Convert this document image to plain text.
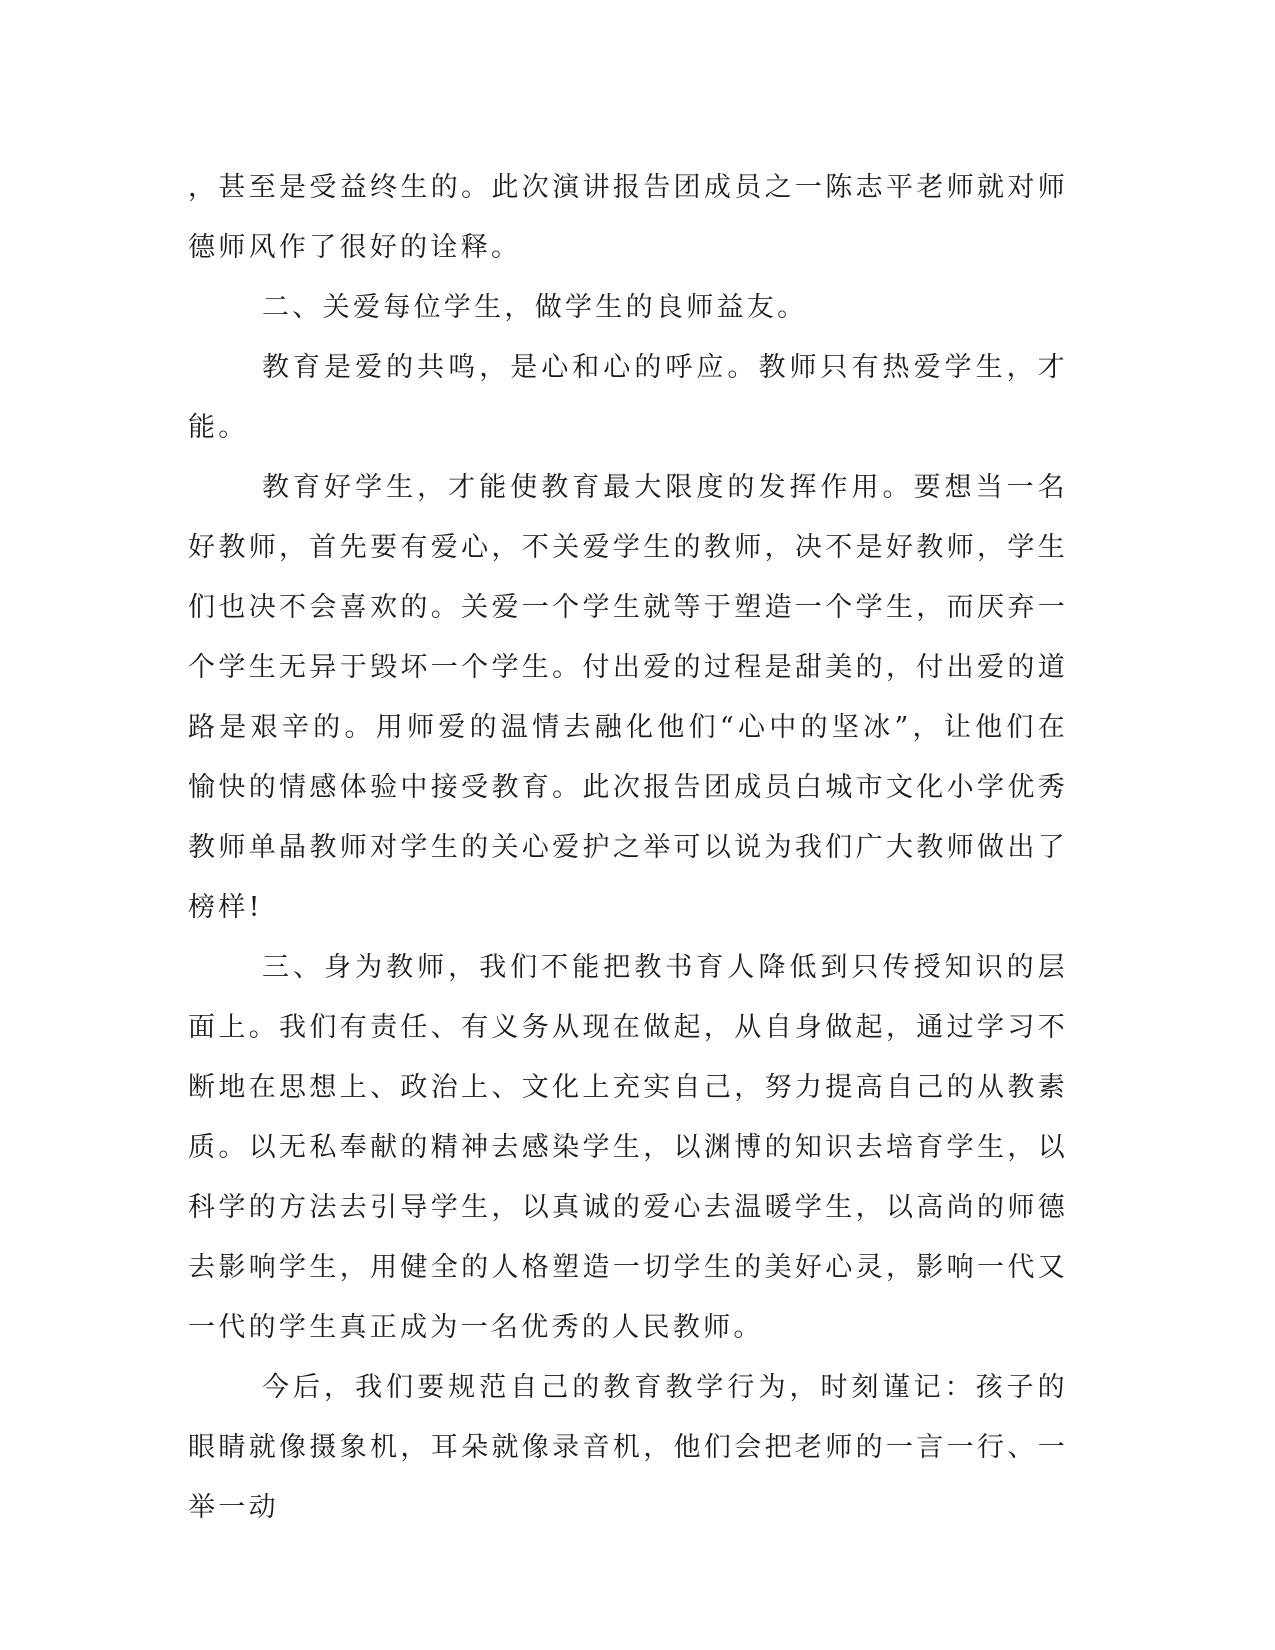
，甚至是受益终生的。此次演讲报告团成员之一陈志平老师就对师德师风作了很好的诠释。

二、关爱每位学生，做学生的良师益友。

教育是爱的共鸣，是心和心的呼应。教师只有热爱学生，才能。

教育好学生，才能使教育最大限度的发挥作用。要想当一名好教师，首先要有爱心，不关爱学生的教师，决不是好教师，学生们也决不会喜欢的。关爱一个学生就等于塑造一个学生，而厌弃一个学生无异于毁坏一个学生。付出爱的过程是甜美的，付出爱的道路是艰辛的。用师爱的温情去融化他们“心中的坚冰”，让他们在愉快的情感体验中接受教育。此次报告团成员白城市文化小学优秀教师单晶教师对学生的关心爱护之举可以说为我们广大教师做出了榜样!

三、身为教师，我们不能把教书育人降低到只传授知识的层面上。我们有责任、有义务从现在做起，从自身做起，通过学习不断地在思想上、政治上、文化上充实自己，努力提高自己的从教素质。以无私奉献的精神去感染学生，以渊博的知识去培育学生，以科学的方法去引导学生，以真诚的爱心去温暖学生，以高尚的师德去影响学生，用健全的人格塑造一切学生的美好心灵，影响一代又一代的学生真正成为一名优秀的人民教师。

今后，我们要规范自己的教育教学行为，时刻谨记：孩子的眼睛就像摄象机，耳朵就像录音机，他们会把老师的一言一行、一举一动
